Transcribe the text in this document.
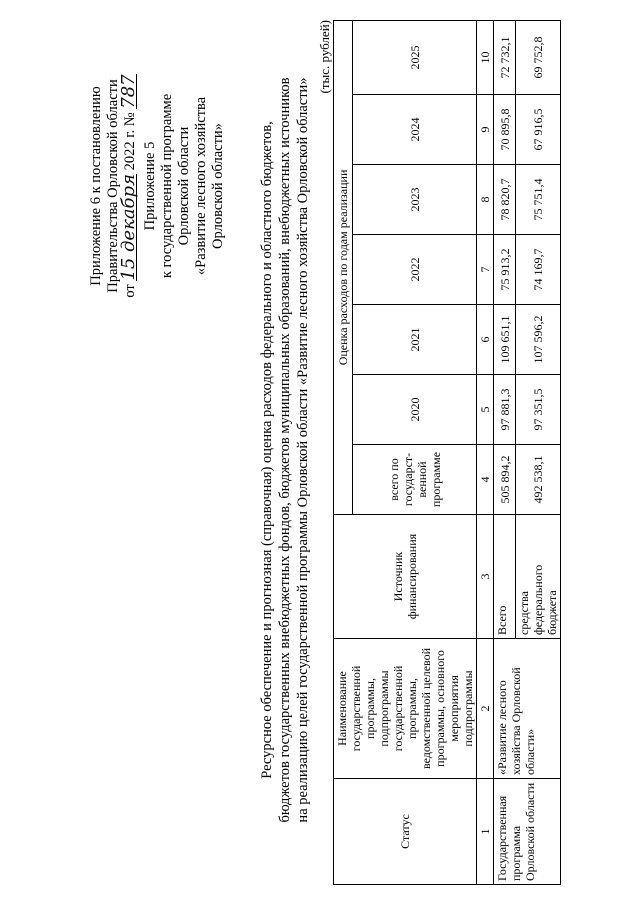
Приложение 6 к постановлению Правительства Орловской области от 15 декабря 2022 г. № 787
Приложение 5 к государственной программе Орловской области «Развитие лесного хозяйства Орловской области» Ресурсное обеспечение и прогнозная (справочная) оценка расходов федерального и областного бюджетов, бюджетов государственных внебюджетных фондов, бюджетов муниципальных образований, внебюджетных источников на реализацию целей государственной программы Орловской области «Развитие лесного хозяйства Орловской области»
(тыс. рублей)
Статус	Наименование государственной программы, подпрограммы государственной программы, ведомственной целевой программы, основного мероприятия подпрограммы	Источник финансирования	Оценка расходов по годам реализации						
			всего по государст-венной программе	2020	2021	2022	2023	2024	2025
1	2	3	4	5	6	7	8	9	10
Государственная программа Орловской области	«Развитие лесного хозяйства Орловской области»	Всего	505 894,2	97 881,3	109 651,1	75 913,2	78 820,7	70 895,8	72 732,1
		средства федерального бюджета	492 538,1	97 351,5	107 596,2	74 169,7	75 751,4	67 916,5	69 752,8
